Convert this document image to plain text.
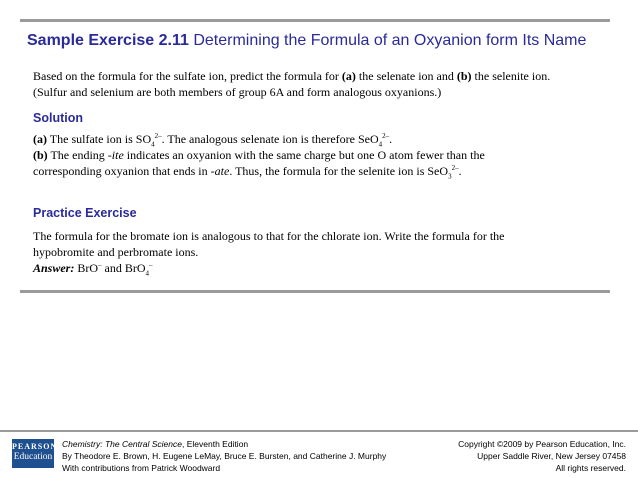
Sample Exercise 2.11 Determining the Formula of an Oxyanion form Its Name
Based on the formula for the sulfate ion, predict the formula for (a) the selenate ion and (b) the selenite ion.
(Sulfur and selenium are both members of group 6A and form analogous oxyanions.)
Solution
(a) The sulfate ion is $SO_4^{2-}$. The analogous selenate ion is therefore SeO$_4^{2-}$.
(b) The ending -ite indicates an oxyanion with the same charge but one O atom fewer than the
corresponding oxyanion that ends in -ate. Thus, the formula for the selenite ion is SeO$_3^{2-}$.
Practice Exercise
The formula for the bromate ion is analogous to that for the chlorate ion. Write the formula for the
hypobromite and perbromate ions.
Answer: BrO– and BrO$_4$–
PEARSON
Education
Chemistry: The Central Science, Eleventh Edition
By Theodore E. Brown, H. Eugene LeMay, Bruce E. Bursten, and Catherine J. Murphy
With contributions from Patrick Woodward
Copyright ©2009 by Pearson Education, Inc.
Upper Saddle River, New Jersey 07458
All rights reserved.
